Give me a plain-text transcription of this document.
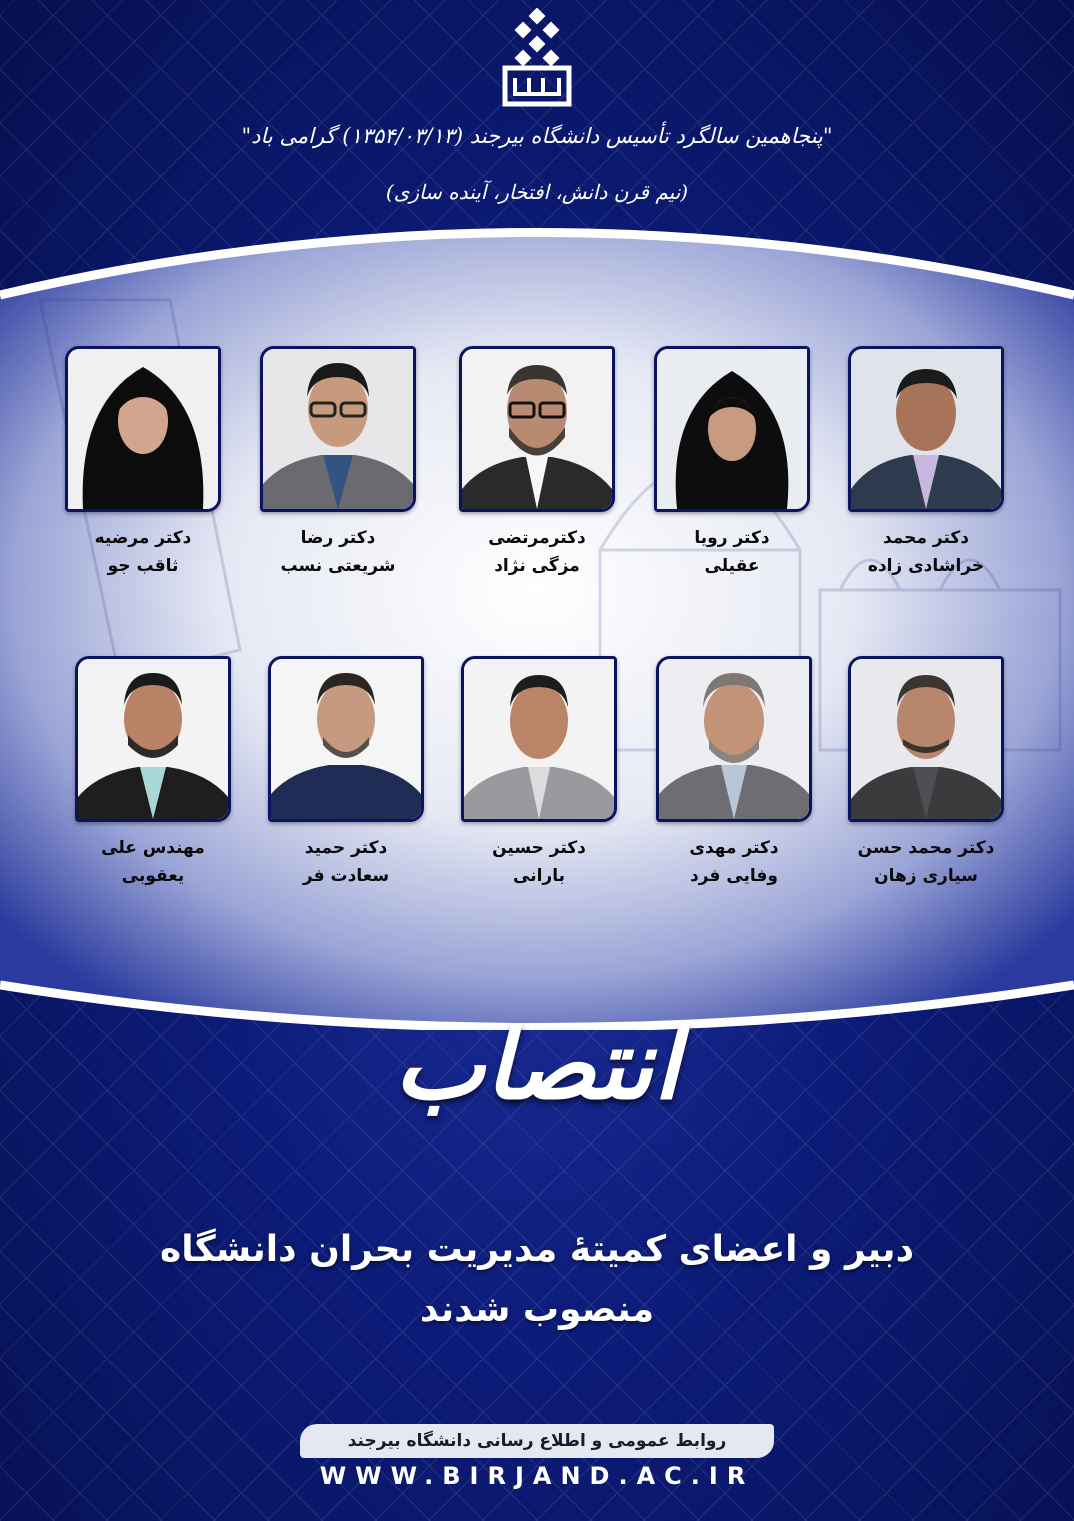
"پنجاهمین سالگرد تأسیس دانشگاه بیرجند (۱۳۵۴/۰۳/۱۳) گرامی باد"
(نیم قرن دانش، افتخار، آینده سازی)
دکتر محمد
خراشادی زاده
دکتر رویا
عقیلی
دکترمرتضی
مزگی نژاد
دکتر رضا
شریعتی نسب
دکتر مرضیه
ثاقب جو
دکتر محمد حسن
سیاری زهان
دکتر مهدی
وفایی فرد
دکتر حسین
بارانی
دکتر حمید
سعادت فر
مهندس علی
یعقوبی
انتصاب
دبیر و اعضای کمیتهٔ مدیریت بحران دانشگاه
منصوب شدند
روابط عمومی و اطلاع رسانی دانشگاه بیرجند
WWW.BIRJAND.AC.IR
